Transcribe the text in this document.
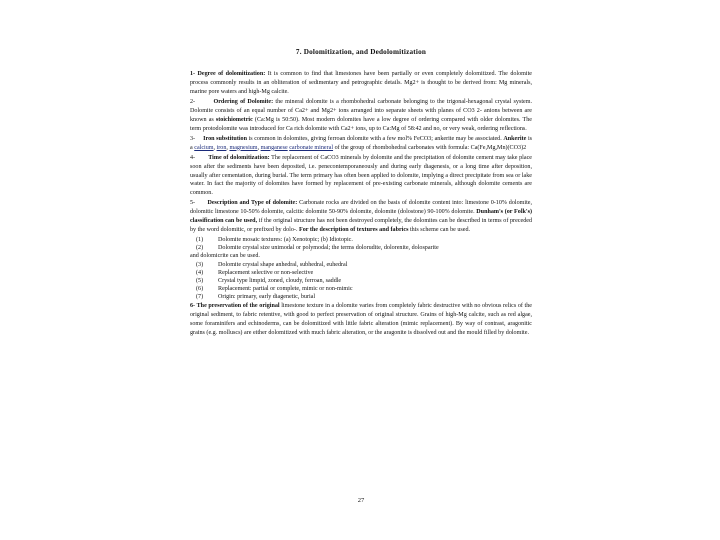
7. Dolomitization, and Dedolomitization

1- Degree of dolomitization: It is common to find that limestones have been partially or even completely dolomitized. The dolomite process commonly results in an obliteration of sedimentary and petrographic details. Mg2+ is thought to be derived from: Mg minerals, marine pore waters and high-Mg calcite.

2-	Ordering of Dolomite: the mineral dolomite is a rhombohedral carbonate belonging to the trigonal-hexagonal crystal system. Dolomite consists of an equal number of Ca2+ and Mg2+ ions arranged into separate sheets with planes of CO3 2- anions between are known as stoichiometric (Ca:Mg is 50:50). Most modern dolomites have a low degree of ordering compared with older dolomites. The term protodolomite was introduced for Ca rich dolomite with Ca2+ ions, up to Ca:Mg of 58:42 and no, or very weak, ordering reflections.

3- Iron substitution is common in dolomites, giving ferroan dolomite with a few mol% FeCO3; ankerite may be associated. Ankerite is a calcium, iron, magnesium, manganese carbonate mineral of the group of rhombohedral carbonates with formula: Ca(Fe,Mg,Mn)(CO3)2

4- Time of dolomitization: The replacement of CaCO3 minerals by dolomite and the precipitation of dolomite cement may take place soon after the sediments have been deposited, i.e. penecontemporaneously and during early diagenesis, or a long time after deposition, usually after cementation, during burial. The term primary has often been applied to dolomite, implying a direct precipitate from sea or lake water. In fact the majority of dolomites have formed by replacement of pre-existing carbonate minerals, although dolomite cements are common.

5- Description and Type of dolomite: Carbonate rocks are divided on the basis of dolomite content into: limestone 0-10% dolomite, dolomitic limestone 10-50% dolomite, calcitic dolomite 50-90% dolomite, dolomite (dolostone) 90-100% dolomite. Dunham's (or Folk's) classification can be used, if the original structure has not been destroyed completely, the dolomites can be described in terms of preceded by the word dolomitic, or prefixed by dolo-. For the description of textures and fabrics this scheme can be used.

(1)	Dolomite mosaic textures: (a) Xenotopic; (b) Idiotopic.
(2)	Dolomite crystal size unimodal or polymodal; the terms dolorudite, dolorenite, dolosparite
and dolomicrite can be used.
(3)	Dolomite crystal shape anhedral, subhedral, euhedral
(4)	Replacement selective or non-selective
(5)	Crystal type limpid, zoned, cloudy, ferroan, saddle
(6)	Replacement: partial or complete, mimic or non-mimic
(7)	Origin: primary, early diagenetic, burial

6- The preservation of the original limestone texture in a dolomite varies from completely fabric destructive with no obvious relics of the original sediment, to fabric retentive, with good to perfect preservation of original structure. Grains of high-Mg calcite, such as red algae, some foraminifers and echinoderms, can be dolomitized with little fabric alteration (mimic replacement). By way of contrast, aragonitic grains (e.g. molluscs) are either dolomitized with much fabric alteration, or the aragonite is dissolved out and the mould filled by dolomite.

27
